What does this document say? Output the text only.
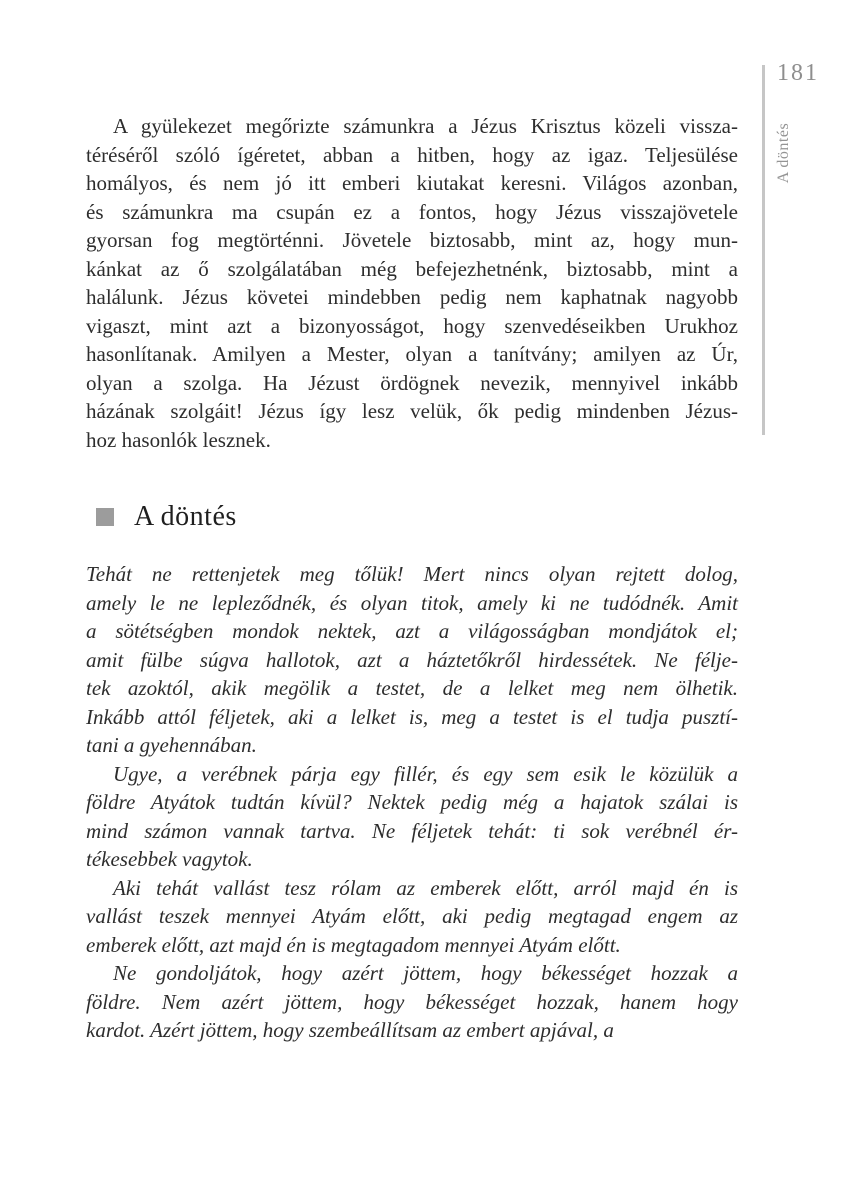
181
A döntés
A gyülekezet megőrizte számunkra a Jézus Krisztus közeli vissza-
téréséről szóló ígéretet, abban a hitben, hogy az igaz. Teljesülése
homályos, és nem jó itt emberi kiutakat keresni. Világos azonban,
és számunkra ma csupán ez a fontos, hogy Jézus visszajövetele
gyorsan fog megtörténni. Jövetele biztosabb, mint az, hogy mun-
kánkat az ő szolgálatában még befejezhetnénk, biztosabb, mint a
halálunk. Jézus követei mindebben pedig nem kaphatnak nagyobb
vigaszt, mint azt a bizonyosságot, hogy szenvedéseikben Urukhoz
hasonlítanak. Amilyen a Mester, olyan a tanítvány; amilyen az Úr,
olyan a szolga. Ha Jézust ördögnek nevezik, mennyivel inkább
házának szolgáit! Jézus így lesz velük, ők pedig mindenben Jézus-
hoz hasonlók lesznek.
A döntés
Tehát ne rettenjetek meg tőlük! Mert nincs olyan rejtett dolog,
amely le ne lepleződnék, és olyan titok, amely ki ne tudódnék. Amit
a sötétségben mondok nektek, azt a világosságban mondjátok el;
amit fülbe súgva hallotok, azt a háztetőkről hirdessétek. Ne félje-
tek azoktól, akik megölik a testet, de a lelket meg nem ölhetik.
Inkább attól féljetek, aki a lelket is, meg a testet is el tudja pusztí-
tani a gyehennában.
Ugye, a verébnek párja egy fillér, és egy sem esik le közülük a
földre Atyátok tudtán kívül? Nektek pedig még a hajatok szálai is
mind számon vannak tartva. Ne féljetek tehát: ti sok verébnél ér-
tékesebbek vagytok.
Aki tehát vallást tesz rólam az emberek előtt, arról majd én is
vallást teszek mennyei Atyám előtt, aki pedig megtagad engem az
emberek előtt, azt majd én is megtagadom mennyei Atyám előtt.
Ne gondoljátok, hogy azért jöttem, hogy békességet hozzak a
földre. Nem azért jöttem, hogy békességet hozzak, hanem hogy
kardot. Azért jöttem, hogy szembeállítsam az embert apjával, a
